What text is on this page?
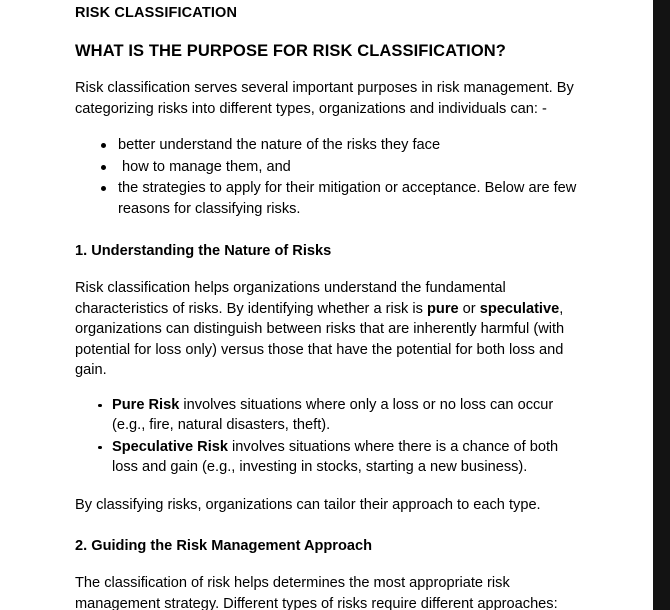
RISK CLASSIFICATION
WHAT IS THE PURPOSE FOR RISK CLASSIFICATION?

Risk classification serves several important purposes in risk management. By categorizing risks into different types, organizations and individuals can: -

better understand the nature of the risks they face
how to manage them, and
the strategies to apply for their mitigation or acceptance. Below are few reasons for classifying risks.
1. Understanding the Nature of Risks

Risk classification helps organizations understand the fundamental characteristics of risks. By identifying whether a risk is pure or speculative, organizations can distinguish between risks that are inherently harmful (with potential for loss only) versus those that have the potential for both loss and gain.

Pure Risk involves situations where only a loss or no loss can occur (e.g., fire, natural disasters, theft).
Speculative Risk involves situations where there is a chance of both loss and gain (e.g., investing in stocks, starting a new business).

By classifying risks, organizations can tailor their approach to each type.

2. Guiding the Risk Management Approach

The classification of risk helps determines the most appropriate risk management strategy. Different types of risks require different approaches:
